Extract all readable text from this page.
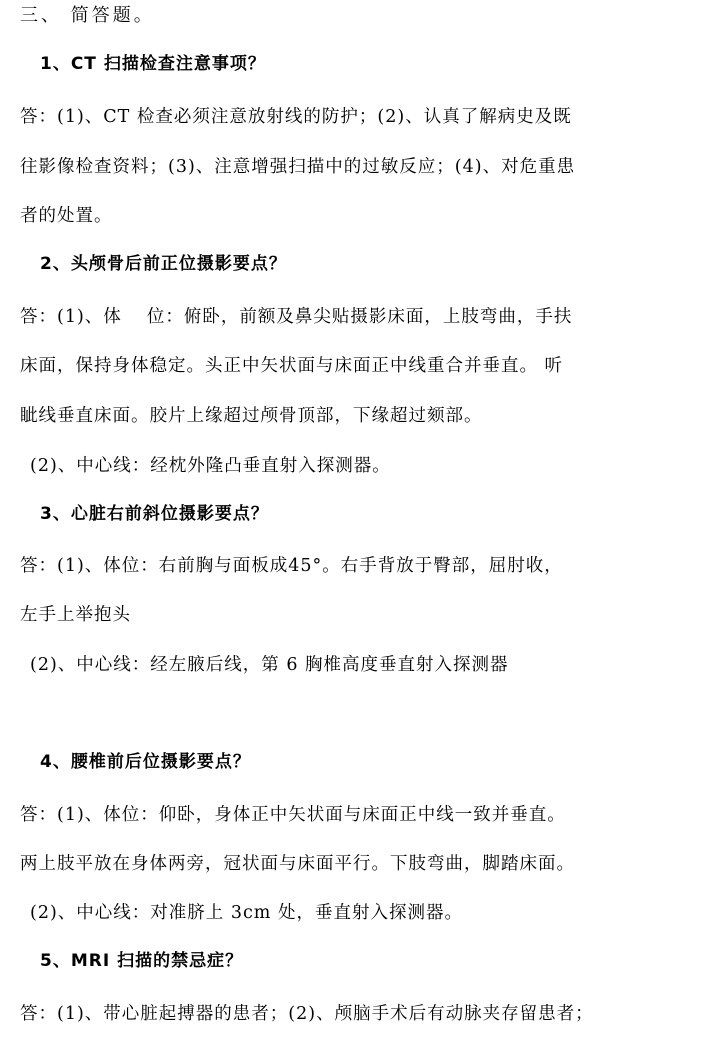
三、 简答题。
1、CT 扫描检查注意事项？
答：(1)、CT 检查必须注意放射线的防护；(2)、认真了解病史及既
往影像检查资料；(3)、注意增强扫描中的过敏反应；(4)、对危重患
者的处置。
2、头颅骨后前正位摄影要点？
答：(1)、体　 位：俯卧，前额及鼻尖贴摄影床面，上肢弯曲，手扶
床面，保持身体稳定。头正中矢状面与床面正中线重合并垂直。 听
眦线垂直床面。胶片上缘超过颅骨顶部，下缘超过颏部。
(2)、中心线：经枕外隆凸垂直射入探测器。
3、心脏右前斜位摄影要点？
答：(1)、体位：右前胸与面板成45°。右手背放于臀部，屈肘收，
左手上举抱头
(2)、中心线：经左腋后线，第 6 胸椎高度垂直射入探测器
4、腰椎前后位摄影要点？
答：(1)、体位：仰卧，身体正中矢状面与床面正中线一致并垂直。
两上肢平放在身体两旁，冠状面与床面平行。下肢弯曲，脚踏床面。
(2)、中心线：对准脐上 3cm 处，垂直射入探测器。
5、MRI 扫描的禁忌症？
答：(1)、带心脏起搏器的患者；(2)、颅脑手术后有动脉夹存留患者；
